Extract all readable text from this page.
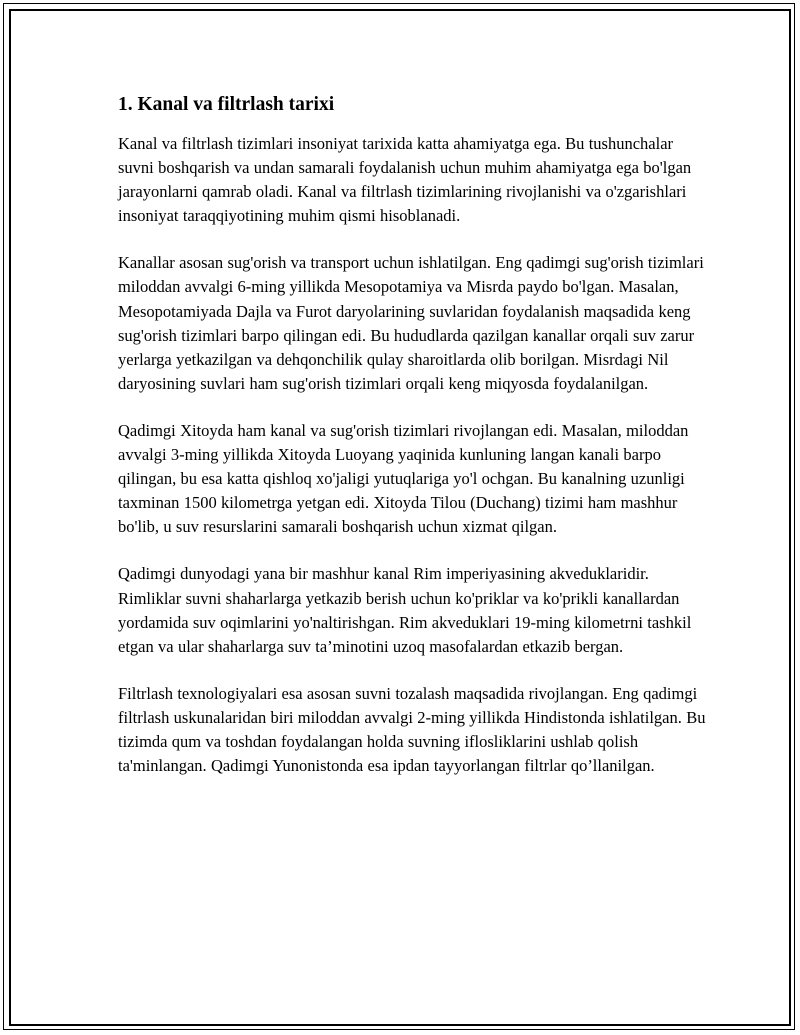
1. Kanal va filtrlash tarixi

Kanal va filtrlash tizimlari insoniyat tarixida katta ahamiyatga ega. Bu tushunchalar suvni boshqarish va undan samarali foydalanish uchun muhim ahamiyatga ega bo'lgan jarayonlarni qamrab oladi. Kanal va filtrlash tizimlarining rivojlanishi va o'zgarishlari insoniyat taraqqiyotining muhim qismi hisoblanadi.

Kanallar asosan sug'orish va transport uchun ishlatilgan. Eng qadimgi sug'orish tizimlari miloddan avvalgi 6-ming yillikda Mesopotamiya va Misrda paydo bo'lgan. Masalan, Mesopotamiyada Dajla va Furot daryolarining suvlaridan foydalanish maqsadida keng sug'orish tizimlari barpo qilingan edi. Bu hududlarda qazilgan kanallar orqali suv zarur yerlarga yetkazilgan va dehqonchilik qulay sharoitlarda olib borilgan. Misrdagi Nil daryosining suvlari ham sug'orish tizimlari orqali keng miqyosda foydalanilgan.

Qadimgi Xitoyda ham kanal va sug'orish tizimlari rivojlangan edi. Masalan, miloddan avvalgi 3-ming yillikda Xitoyda Luoyang yaqinida kunluning langan kanali barpo qilingan, bu esa katta qishloq xo'jaligi yutuqlariga yo'l ochgan. Bu kanalning uzunligi taxminan 1500 kilometrga yetgan edi. Xitoyda Tilou (Duchang) tizimi ham mashhur bo'lib, u suv resurslarini samarali boshqarish uchun xizmat qilgan.

Qadimgi dunyodagi yana bir mashhur kanal Rim imperiyasining akveduklaridir. Rimliklar suvni shaharlarga yetkazib berish uchun ko'priklar va ko'prikli kanallardan yordamida suv oqimlarini yo'naltirishgan. Rim akveduklari 19-ming kilometrni tashkil etgan va ular shaharlarga suv ta’minotini uzoq masofalardan etkazib bergan.

Filtrlash texnologiyalari esa asosan suvni tozalash maqsadida rivojlangan. Eng qadimgi filtrlash uskunalaridan biri miloddan avvalgi 2-ming yillikda Hindistonda ishlatilgan. Bu tizimda qum va toshdan foydalangan holda suvning iflosliklarini ushlab qolish ta'minlangan. Qadimgi Yunonistonda esa ipdan tayyorlangan filtrlar qo’llanilgan.
